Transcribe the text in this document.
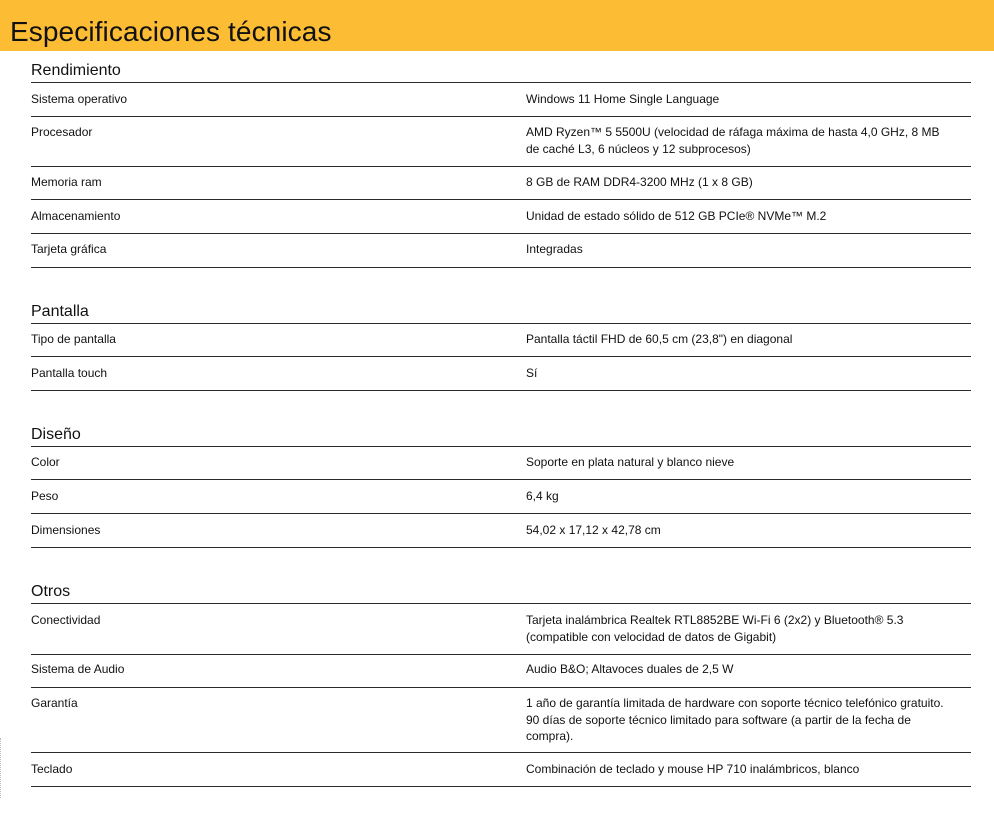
Especificaciones técnicas
Rendimiento
Sistema operativo	Windows 11 Home Single Language
Procesador	AMD Ryzen™ 5 5500U (velocidad de ráfaga máxima de hasta 4,0 GHz, 8 MB de caché L3, 6 núcleos y 12 subprocesos)
Memoria ram	8 GB de RAM DDR4-3200 MHz (1 x 8 GB)
Almacenamiento	Unidad de estado sólido de 512 GB PCIe® NVMe™ M.2
Tarjeta gráfica	Integradas
Pantalla
Tipo de pantalla	Pantalla táctil FHD de 60,5 cm (23,8") en diagonal
Pantalla touch	Sí
Diseño
Color	Soporte en plata natural y blanco nieve
Peso	6,4 kg
Dimensiones	54,02 x 17,12 x 42,78 cm
Otros
Conectividad	Tarjeta inalámbrica Realtek RTL8852BE Wi-Fi 6 (2x2) y Bluetooth® 5.3 (compatible con velocidad de datos de Gigabit)
Sistema de Audio	Audio B&O; Altavoces duales de 2,5 W
Garantía	1 año de garantía limitada de hardware con soporte técnico telefónico gratuito. 90 días de soporte técnico limitado para software (a partir de la fecha de compra).
Teclado	Combinación de teclado y mouse HP 710 inalámbricos, blanco
